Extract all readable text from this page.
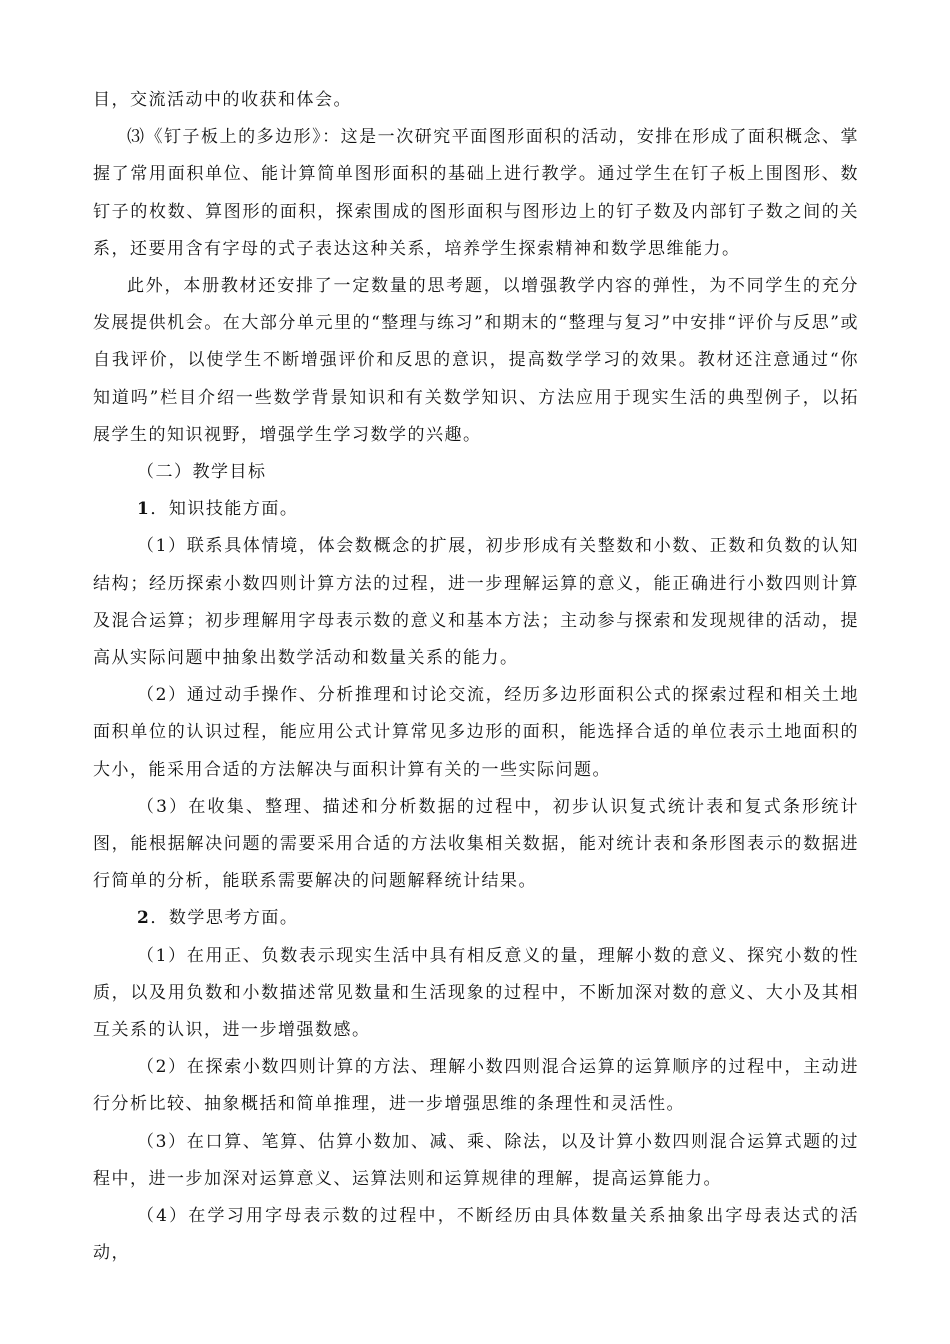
目，交流活动中的收获和体会。

⑶《钉子板上的多边形》：这是一次研究平面图形面积的活动，安排在形成了面积概念、掌握了常用面积单位、能计算简单图形面积的基础上进行教学。通过学生在钉子板上围图形、数钉子的枚数、算图形的面积，探索围成的图形面积与图形边上的钉子数及内部钉子数之间的关系，还要用含有字母的式子表达这种关系，培养学生探索精神和数学思维能力。

此外，本册教材还安排了一定数量的思考题，以增强教学内容的弹性，为不同学生的充分发展提供机会。在大部分单元里的“整理与练习”和期末的“整理与复习”中安排“评价与反思”或自我评价，以使学生不断增强评价和反思的意识，提高数学学习的效果。教材还注意通过“你知道吗”栏目介绍一些数学背景知识和有关数学知识、方法应用于现实生活的典型例子，以拓展学生的知识视野，增强学生学习数学的兴趣。

（二）教学目标

1．知识技能方面。

（1）联系具体情境，体会数概念的扩展，初步形成有关整数和小数、正数和负数的认知结构；经历探索小数四则计算方法的过程，进一步理解运算的意义，能正确进行小数四则计算及混合运算；初步理解用字母表示数的意义和基本方法；主动参与探索和发现规律的活动，提高从实际问题中抽象出数学活动和数量关系的能力。

（2）通过动手操作、分析推理和讨论交流，经历多边形面积公式的探索过程和相关土地面积单位的认识过程，能应用公式计算常见多边形的面积，能选择合适的单位表示土地面积的大小，能采用合适的方法解决与面积计算有关的一些实际问题。

（3）在收集、整理、描述和分析数据的过程中，初步认识复式统计表和复式条形统计图，能根据解决问题的需要采用合适的方法收集相关数据，能对统计表和条形图表示的数据进行简单的分析，能联系需要解决的问题解释统计结果。

2．数学思考方面。

（1）在用正、负数表示现实生活中具有相反意义的量，理解小数的意义、探究小数的性质，以及用负数和小数描述常见数量和生活现象的过程中，不断加深对数的意义、大小及其相互关系的认识，进一步增强数感。

（2）在探索小数四则计算的方法、理解小数四则混合运算的运算顺序的过程中，主动进行分析比较、抽象概括和简单推理，进一步增强思维的条理性和灵活性。

（3）在口算、笔算、估算小数加、减、乘、除法，以及计算小数四则混合运算式题的过程中，进一步加深对运算意义、运算法则和运算规律的理解，提高运算能力。

（4）在学习用字母表示数的过程中，不断经历由具体数量关系抽象出字母表达式的活动，
